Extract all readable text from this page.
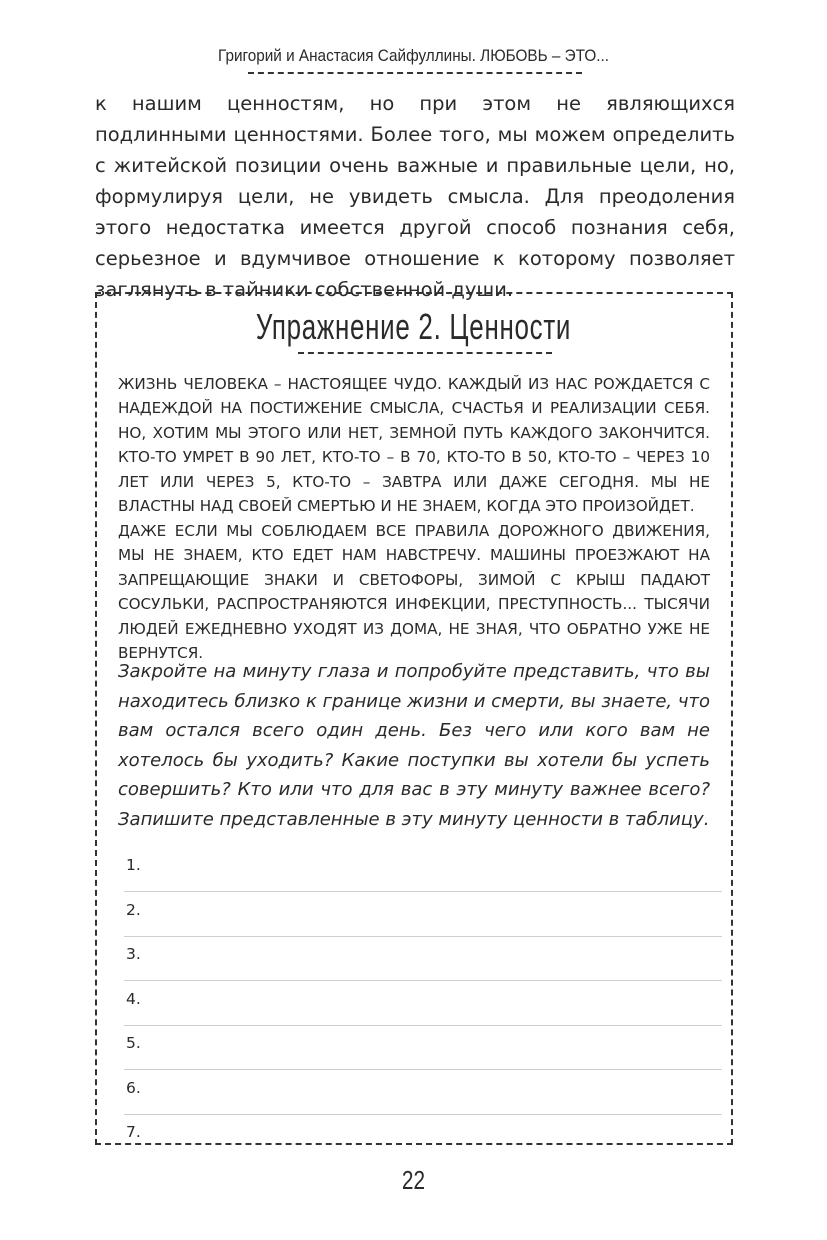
Григорий и Анастасия Сайфуллины. ЛЮБОВЬ – ЭТО...

к нашим ценностям, но при этом не являющихся подлинными ценностями. Более того, мы можем определить с житейской позиции очень важные и правильные цели, но, формулируя цели, не увидеть смысла. Для преодоления этого недостатка имеется другой способ познания себя, серьезное и вдумчивое отношение к которому позволяет заглянуть в тайники собственной души.

Упражнение 2. Ценности

ЖИЗНЬ ЧЕЛОВЕКА – НАСТОЯЩЕЕ ЧУДО. КАЖДЫЙ ИЗ НАС РОЖДАЕТСЯ С НАДЕЖДОЙ НА ПОСТИЖЕНИЕ СМЫСЛА, СЧАСТЬЯ И РЕАЛИЗАЦИИ СЕБЯ. НО, ХОТИМ МЫ ЭТОГО ИЛИ НЕТ, ЗЕМНОЙ ПУТЬ КАЖДОГО ЗАКОНЧИТСЯ. КТО-ТО УМРЕТ В 90 ЛЕТ, КТО-ТО – В 70, КТО-ТО В 50, КТО-ТО – ЧЕРЕЗ 10 ЛЕТ ИЛИ ЧЕРЕЗ 5, КТО-ТО – ЗАВТРА ИЛИ ДАЖЕ СЕГОДНЯ. МЫ НЕ ВЛАСТНЫ НАД СВОЕЙ СМЕРТЬЮ И НЕ ЗНАЕМ, КОГДА ЭТО ПРОИЗОЙДЕТ.

ДАЖЕ ЕСЛИ МЫ СОБЛЮДАЕМ ВСЕ ПРАВИЛА ДОРОЖНОГО ДВИЖЕНИЯ, МЫ НЕ ЗНАЕМ, КТО ЕДЕТ НАМ НАВСТРЕЧУ. МАШИНЫ ПРОЕЗЖАЮТ НА ЗАПРЕЩАЮЩИЕ ЗНАКИ И СВЕТОФОРЫ, ЗИМОЙ С КРЫШ ПАДАЮТ СОСУЛЬКИ, РАСПРОСТРАНЯЮТСЯ ИНФЕКЦИИ, ПРЕСТУПНОСТЬ... ТЫСЯЧИ ЛЮДЕЙ ЕЖЕДНЕВНО УХОДЯТ ИЗ ДОМА, НЕ ЗНАЯ, ЧТО ОБРАТНО УЖЕ НЕ ВЕРНУТСЯ.

Закройте на минуту глаза и попробуйте представить, что вы находитесь близко к границе жизни и смерти, вы знаете, что вам остался всего один день. Без чего или кого вам не хотелось бы уходить? Какие поступки вы хотели бы успеть совершить? Кто или что для вас в эту минуту важнее всего? Запишите представленные в эту минуту ценности в таблицу.

1.
2.
3.
4.
5.
6.
7.
22
